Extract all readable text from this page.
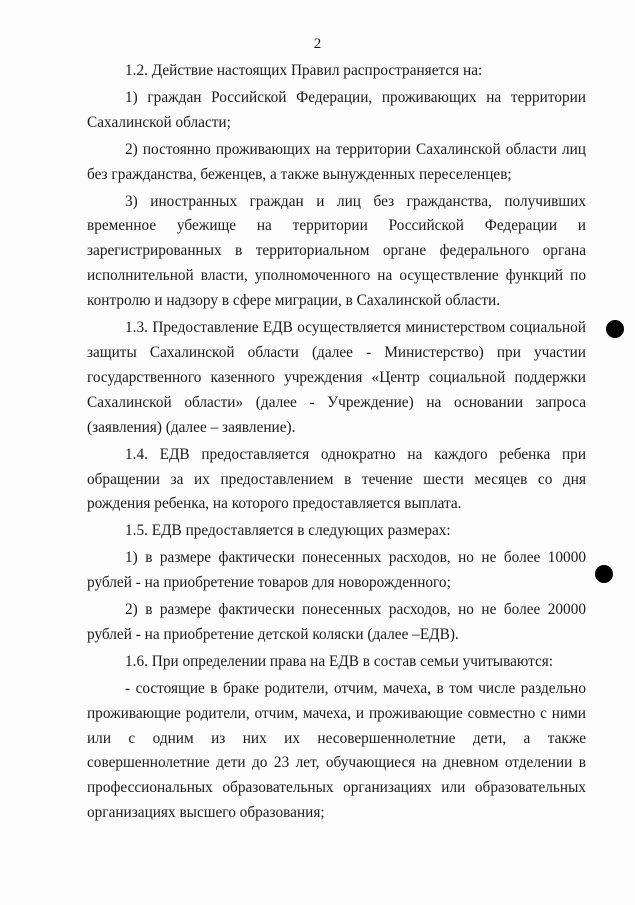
2

1.2. Действие настоящих Правил распространяется на:

1) граждан Российской Федерации, проживающих на территории Сахалинской области;

2) постоянно проживающих на территории Сахалинской области лиц без гражданства, беженцев, а также вынужденных переселенцев;

3) иностранных граждан и лиц без гражданства, получивших временное убежище на территории Российской Федерации и зарегистрированных в территориальном органе федерального органа исполнительной власти, уполномоченного на осуществление функций по контролю и надзору в сфере миграции, в Сахалинской области.

1.3. Предоставление ЕДВ осуществляется министерством социальной защиты Сахалинской области (далее - Министерство) при участии государственного казенного учреждения «Центр социальной поддержки Сахалинской области» (далее - Учреждение) на основании запроса (заявления) (далее – заявление).

1.4. ЕДВ предоставляется однократно на каждого ребенка при обращении за их предоставлением в течение шести месяцев со дня рождения ребенка, на которого предоставляется выплата.

1.5. ЕДВ предоставляется в следующих размерах:

1) в размере фактически понесенных расходов, но не более 10000 рублей - на приобретение товаров для новорожденного;

2) в размере фактически понесенных расходов, но не более 20000 рублей - на приобретение детской коляски (далее –ЕДВ).

1.6. При определении права на ЕДВ в состав семьи учитываются:

- состоящие в браке родители, отчим, мачеха, в том числе раздельно проживающие родители, отчим, мачеха, и проживающие совместно с ними или с одним из них их несовершеннолетние дети, а также совершеннолетние дети до 23 лет, обучающиеся на дневном отделении в профессиональных образовательных организациях или образовательных организациях высшего образования;
